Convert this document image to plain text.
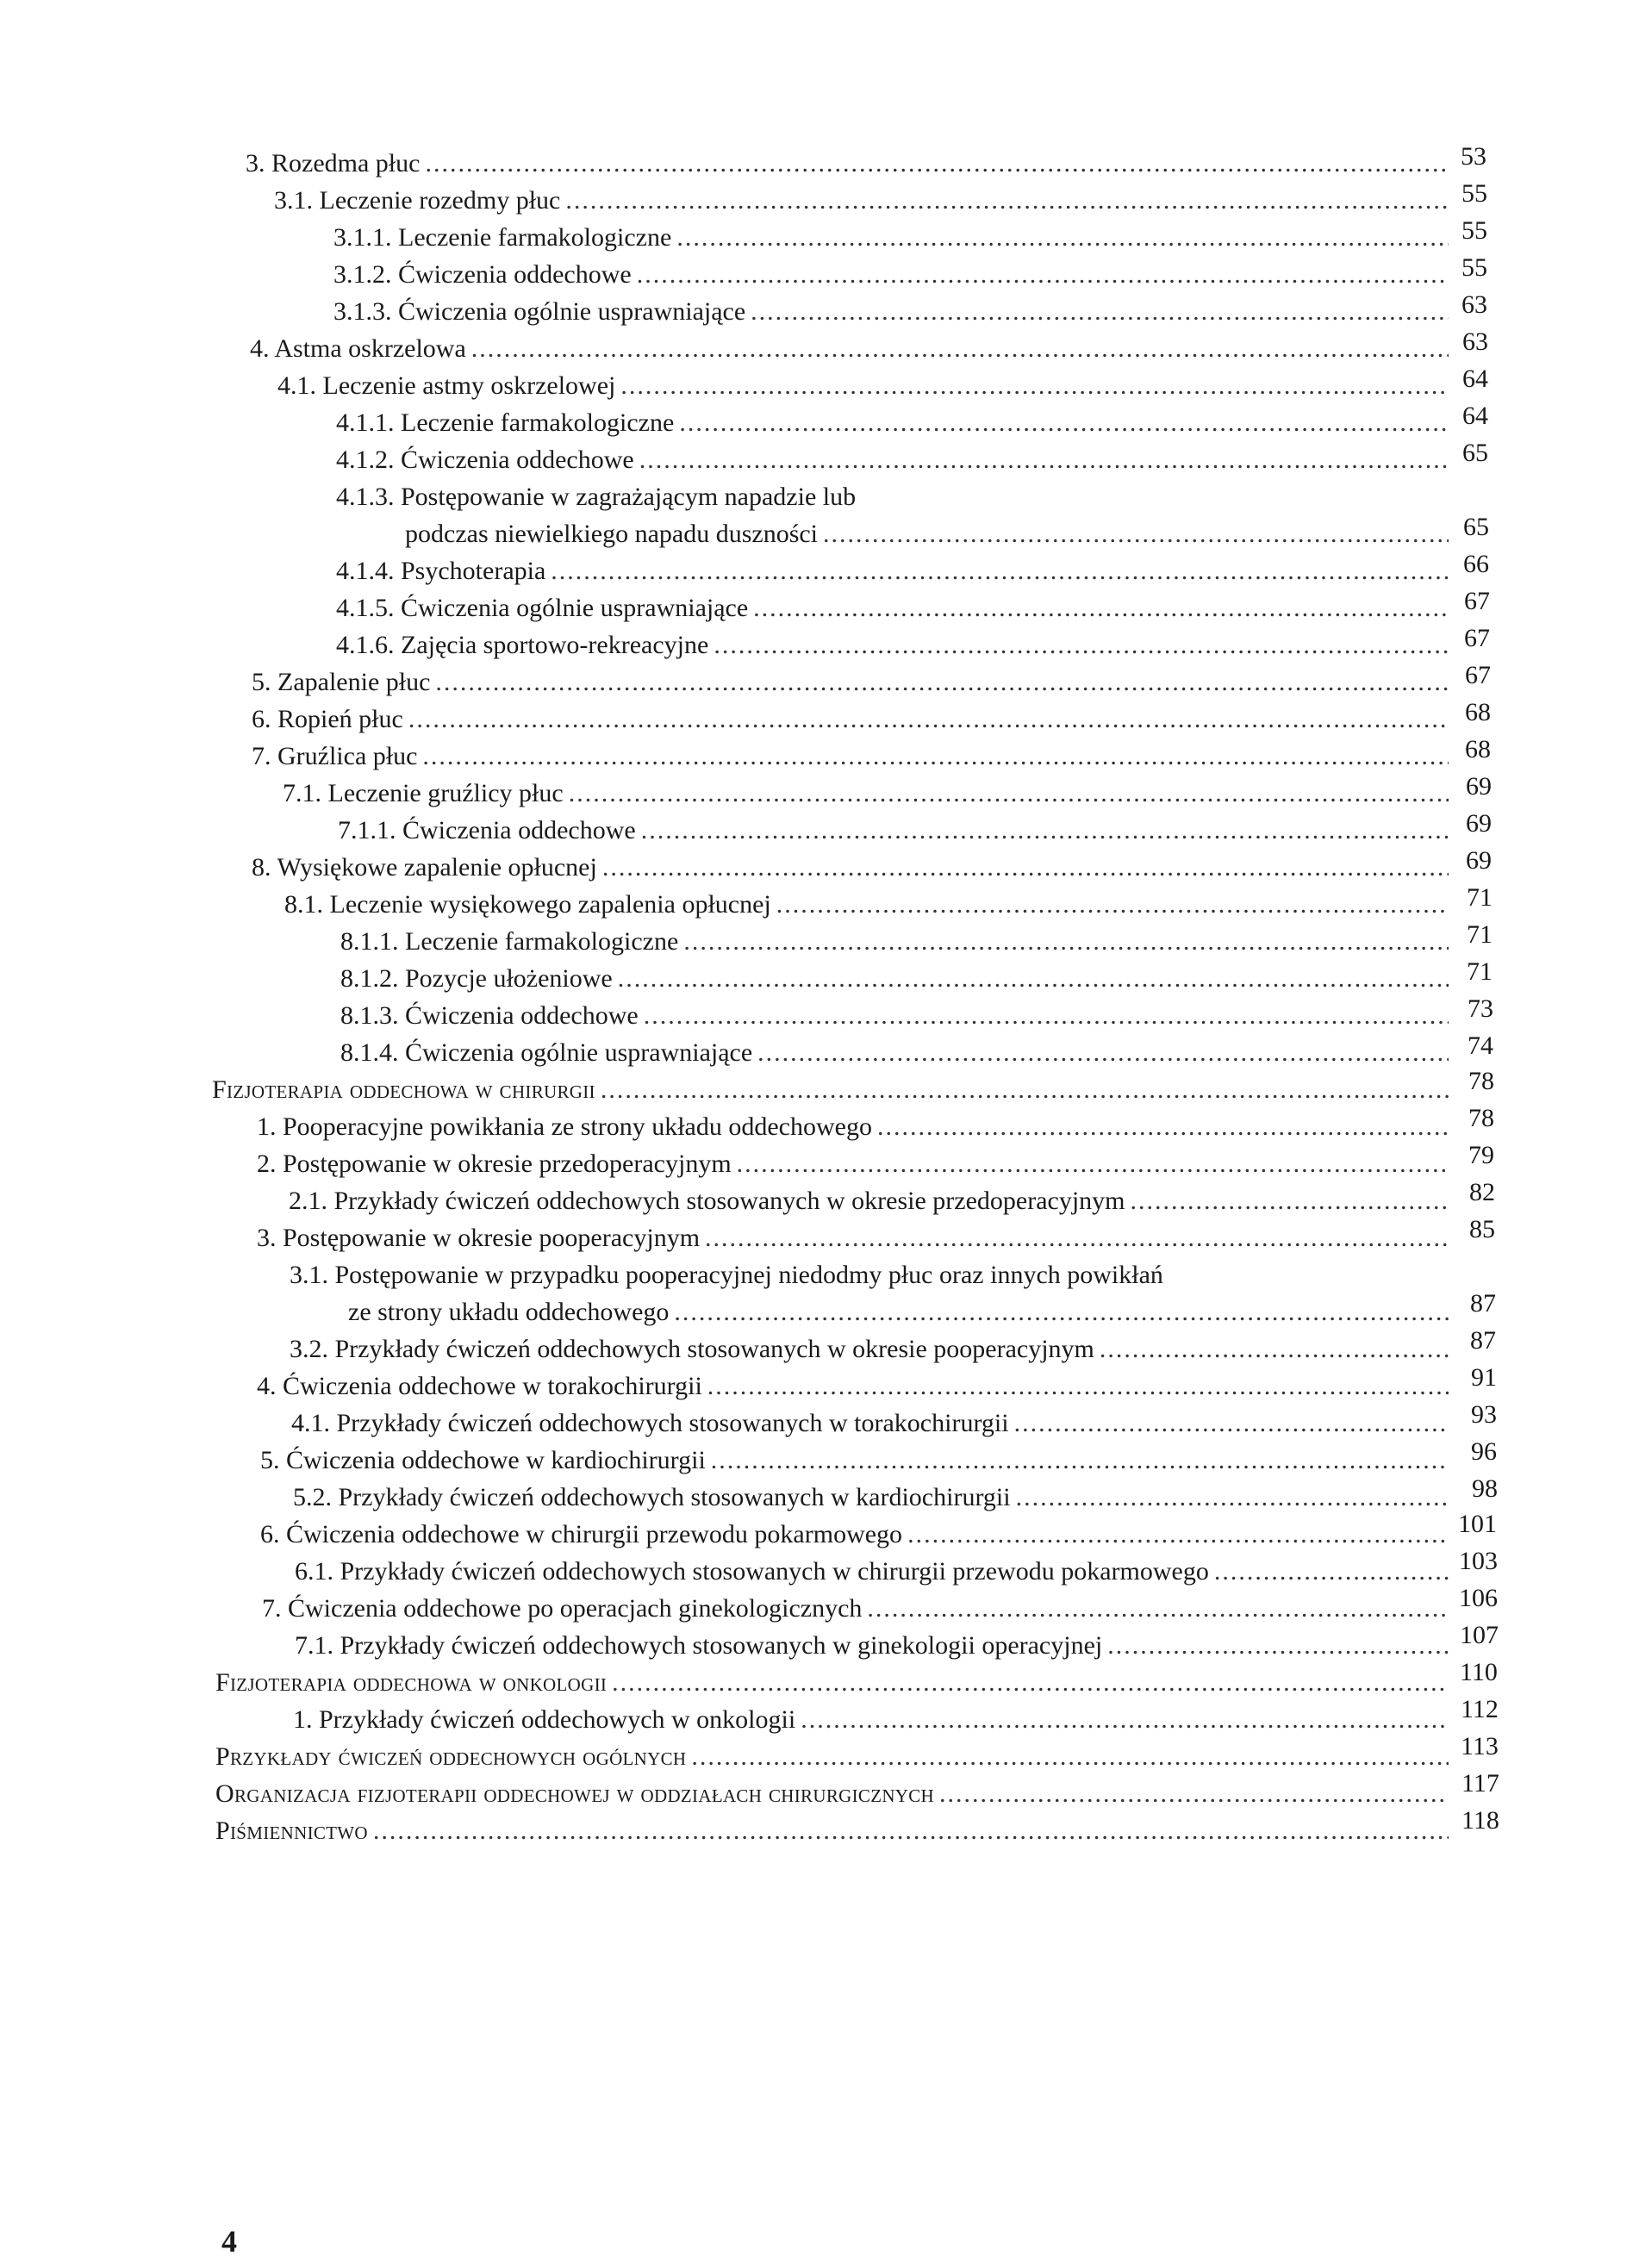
3. Rozedma płuc .....	53
3.1. Leczenie rozedmy płuc .....	55
3.1.1. Leczenie farmakologiczne .....	55
3.1.2. Ćwiczenia oddechowe .....	55
3.1.3. Ćwiczenia ogólnie usprawniające .....	63
4. Astma oskrzelowa .....	63
4.1. Leczenie astmy oskrzelowej .....	64
4.1.1. Leczenie farmakologiczne .....	64
4.1.2. Ćwiczenia oddechowe .....	65
4.1.3. Postępowanie w zagrażającym napadzie lub
podczas niewielkiego napadu duszności .....	65
4.1.4. Psychoterapia .....	66
4.1.5. Ćwiczenia ogólnie usprawniające .....	67
4.1.6. Zajęcia sportowo-rekreacyjne .....	67
5. Zapalenie płuc .....	67
6. Ropień płuc .....	68
7. Gruźlica płuc .....	68
7.1. Leczenie gruźlicy płuc .....	69
7.1.1. Ćwiczenia oddechowe .....	69
8. Wysiękowe zapalenie opłucnej .....	69
8.1. Leczenie wysiękowego zapalenia opłucnej .....	71
8.1.1. Leczenie farmakologiczne .....	71
8.1.2. Pozycje ułożeniowe .....	71
8.1.3. Ćwiczenia oddechowe .....	73
8.1.4. Ćwiczenia ogólnie usprawniające .....	74
Fizjoterapia oddechowa w chirurgii .....	78
1. Pooperacyjne powikłania ze strony układu oddechowego .....	78
2. Postępowanie w okresie przedoperacyjnym .....	79
2.1. Przykłady ćwiczeń oddechowych stosowanych w okresie przedoperacyjnym .....	82
3. Postępowanie w okresie pooperacyjnym .....	85
3.1. Postępowanie w przypadku pooperacyjnej niedodmy płuc oraz innych powikłań
ze strony układu oddechowego .....	87
3.2. Przykłady ćwiczeń oddechowych stosowanych w okresie pooperacyjnym .....	87
4. Ćwiczenia oddechowe w torakochirurgii .....	91
4.1. Przykłady ćwiczeń oddechowych stosowanych w torakochirurgii .....	93
5. Ćwiczenia oddechowe w kardiochirurgii .....	96
5.2. Przykłady ćwiczeń oddechowych stosowanych w kardiochirurgii .....	98
6. Ćwiczenia oddechowe w chirurgii przewodu pokarmowego .....	101
6.1. Przykłady ćwiczeń oddechowych stosowanych w chirurgii przewodu pokarmowego .....	103
7. Ćwiczenia oddechowe po operacjach ginekologicznych .....	106
7.1. Przykłady ćwiczeń oddechowych stosowanych w ginekologii operacyjnej .....	107
Fizjoterapia oddechowa w onkologii .....	110
1. Przykłady ćwiczeń oddechowych w onkologii .....	112
Przykłady ćwiczeń oddechowych ogólnych .....	113
Organizacja fizjoterapii oddechowej w oddziałach chirurgicznych .....	117
Piśmiennictwo .....	118
4
